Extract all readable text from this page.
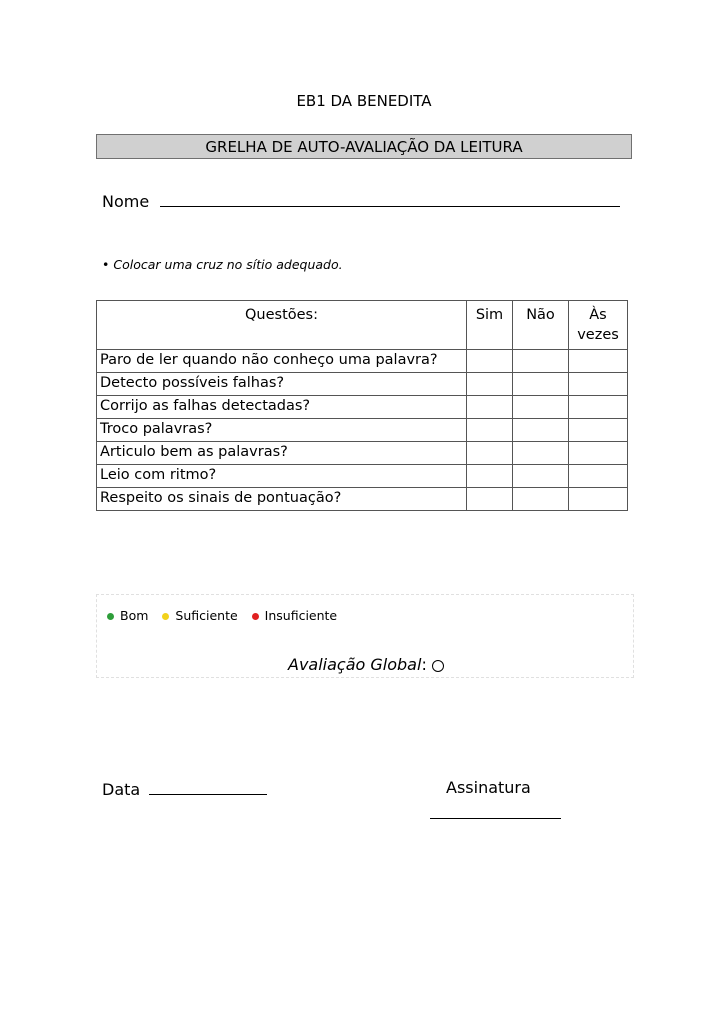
EB1 DA BENEDITA
GRELHA DE AUTO-AVALIAÇÃO DA LEITURA
Nome
• Colocar uma cruz no sítio adequado.
Questões:	Sim	Não	Às vezes
Paro de ler quando não conheço uma palavra?			
Detecto possíveis falhas?			
Corrijo as falhas detectadas?			
Troco palavras?			
Articulo bem as palavras?			
Leio com ritmo?			
Respeito os sinais de pontuação?			
Bom Suficiente Insuficiente
Avaliação Global:
Data	Assinatura
